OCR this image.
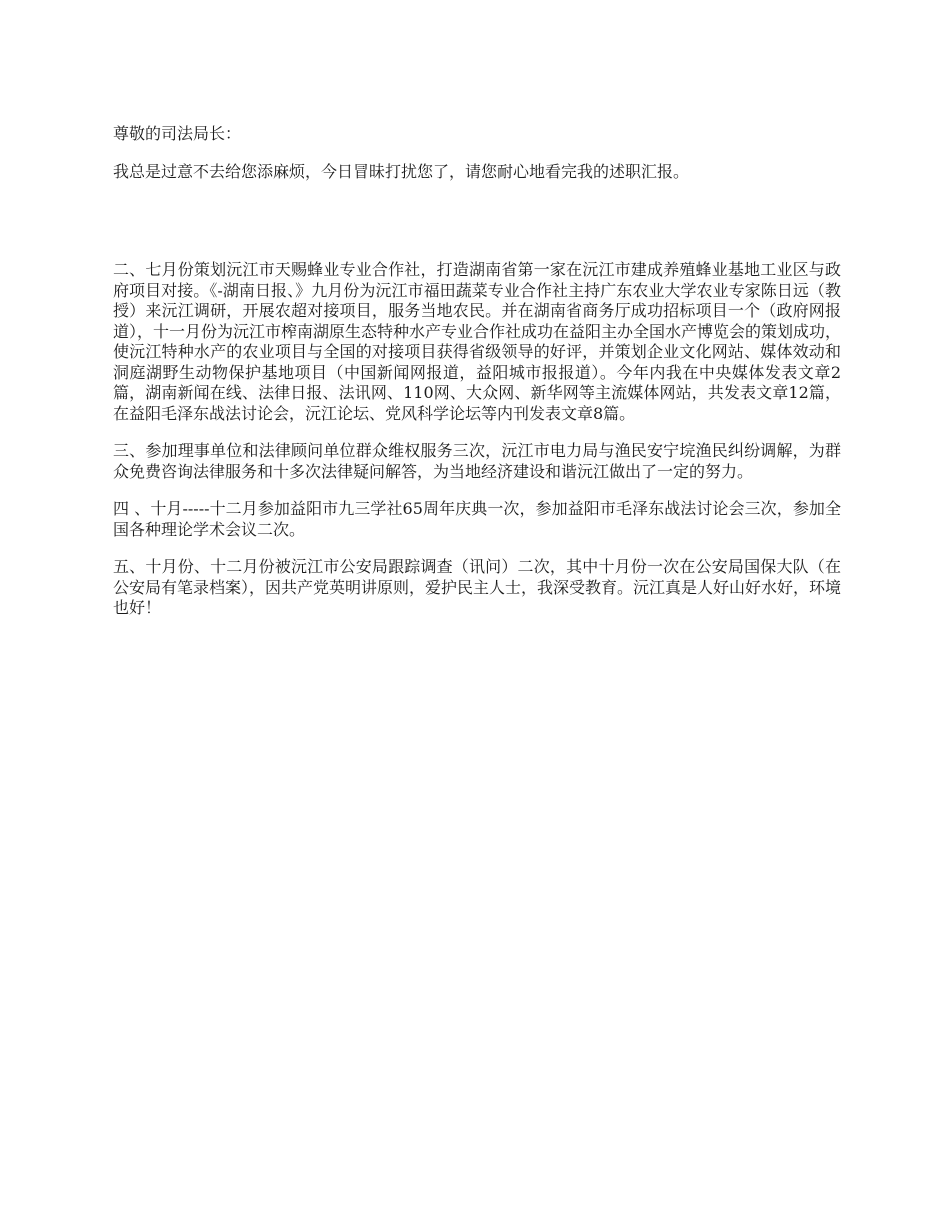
尊敬的司法局长：

我总是过意不去给您添麻烦，今日冒昧打扰您了，请您耐心地看完我的述职汇报。

二、七月份策划沅江市天赐蜂业专业合作社，打造湖南省第一家在沅江市建成养殖蜂业基地工业区与政府项目对接。《-湖南日报、》九月份为沅江市福田蔬菜专业合作社主持广东农业大学农业专家陈日远（教授）来沅江调研，开展农超对接项目，服务当地农民。并在湖南省商务厅成功招标项目一个（政府网报道），十一月份为沅江市榨南湖原生态特种水产专业合作社成功在益阳主办全国水产博览会的策划成功，使沅江特种水产的农业项目与全国的对接项目获得省级领导的好评，并策划企业文化网站、媒体效动和洞庭湖野生动物保护基地项目（中国新闻网报道，益阳城市报报道）。今年内我在中央媒体发表文章2篇，湖南新闻在线、法律日报、法讯网、110网、大众网、新华网等主流媒体网站，共发表文章12篇，在益阳毛泽东战法讨论会，沅江论坛、党风科学论坛等内刊发表文章8篇。

三、参加理事单位和法律顾问单位群众维权服务三次，沅江市电力局与渔民安宁垸渔民纠纷调解，为群众免费咨询法律服务和十多次法律疑问解答，为当地经济建设和谐沅江做出了一定的努力。

四 、十月-----十二月参加益阳市九三学社65周年庆典一次，参加益阳市毛泽东战法讨论会三次，参加全国各种理论学术会议二次。

五、十月份、十二月份被沅江市公安局跟踪调查（讯问）二次，其中十月份一次在公安局国保大队（在公安局有笔录档案），因共产党英明讲原则，爱护民主人士，我深受教育。沅江真是人好山好水好，环境也好！
